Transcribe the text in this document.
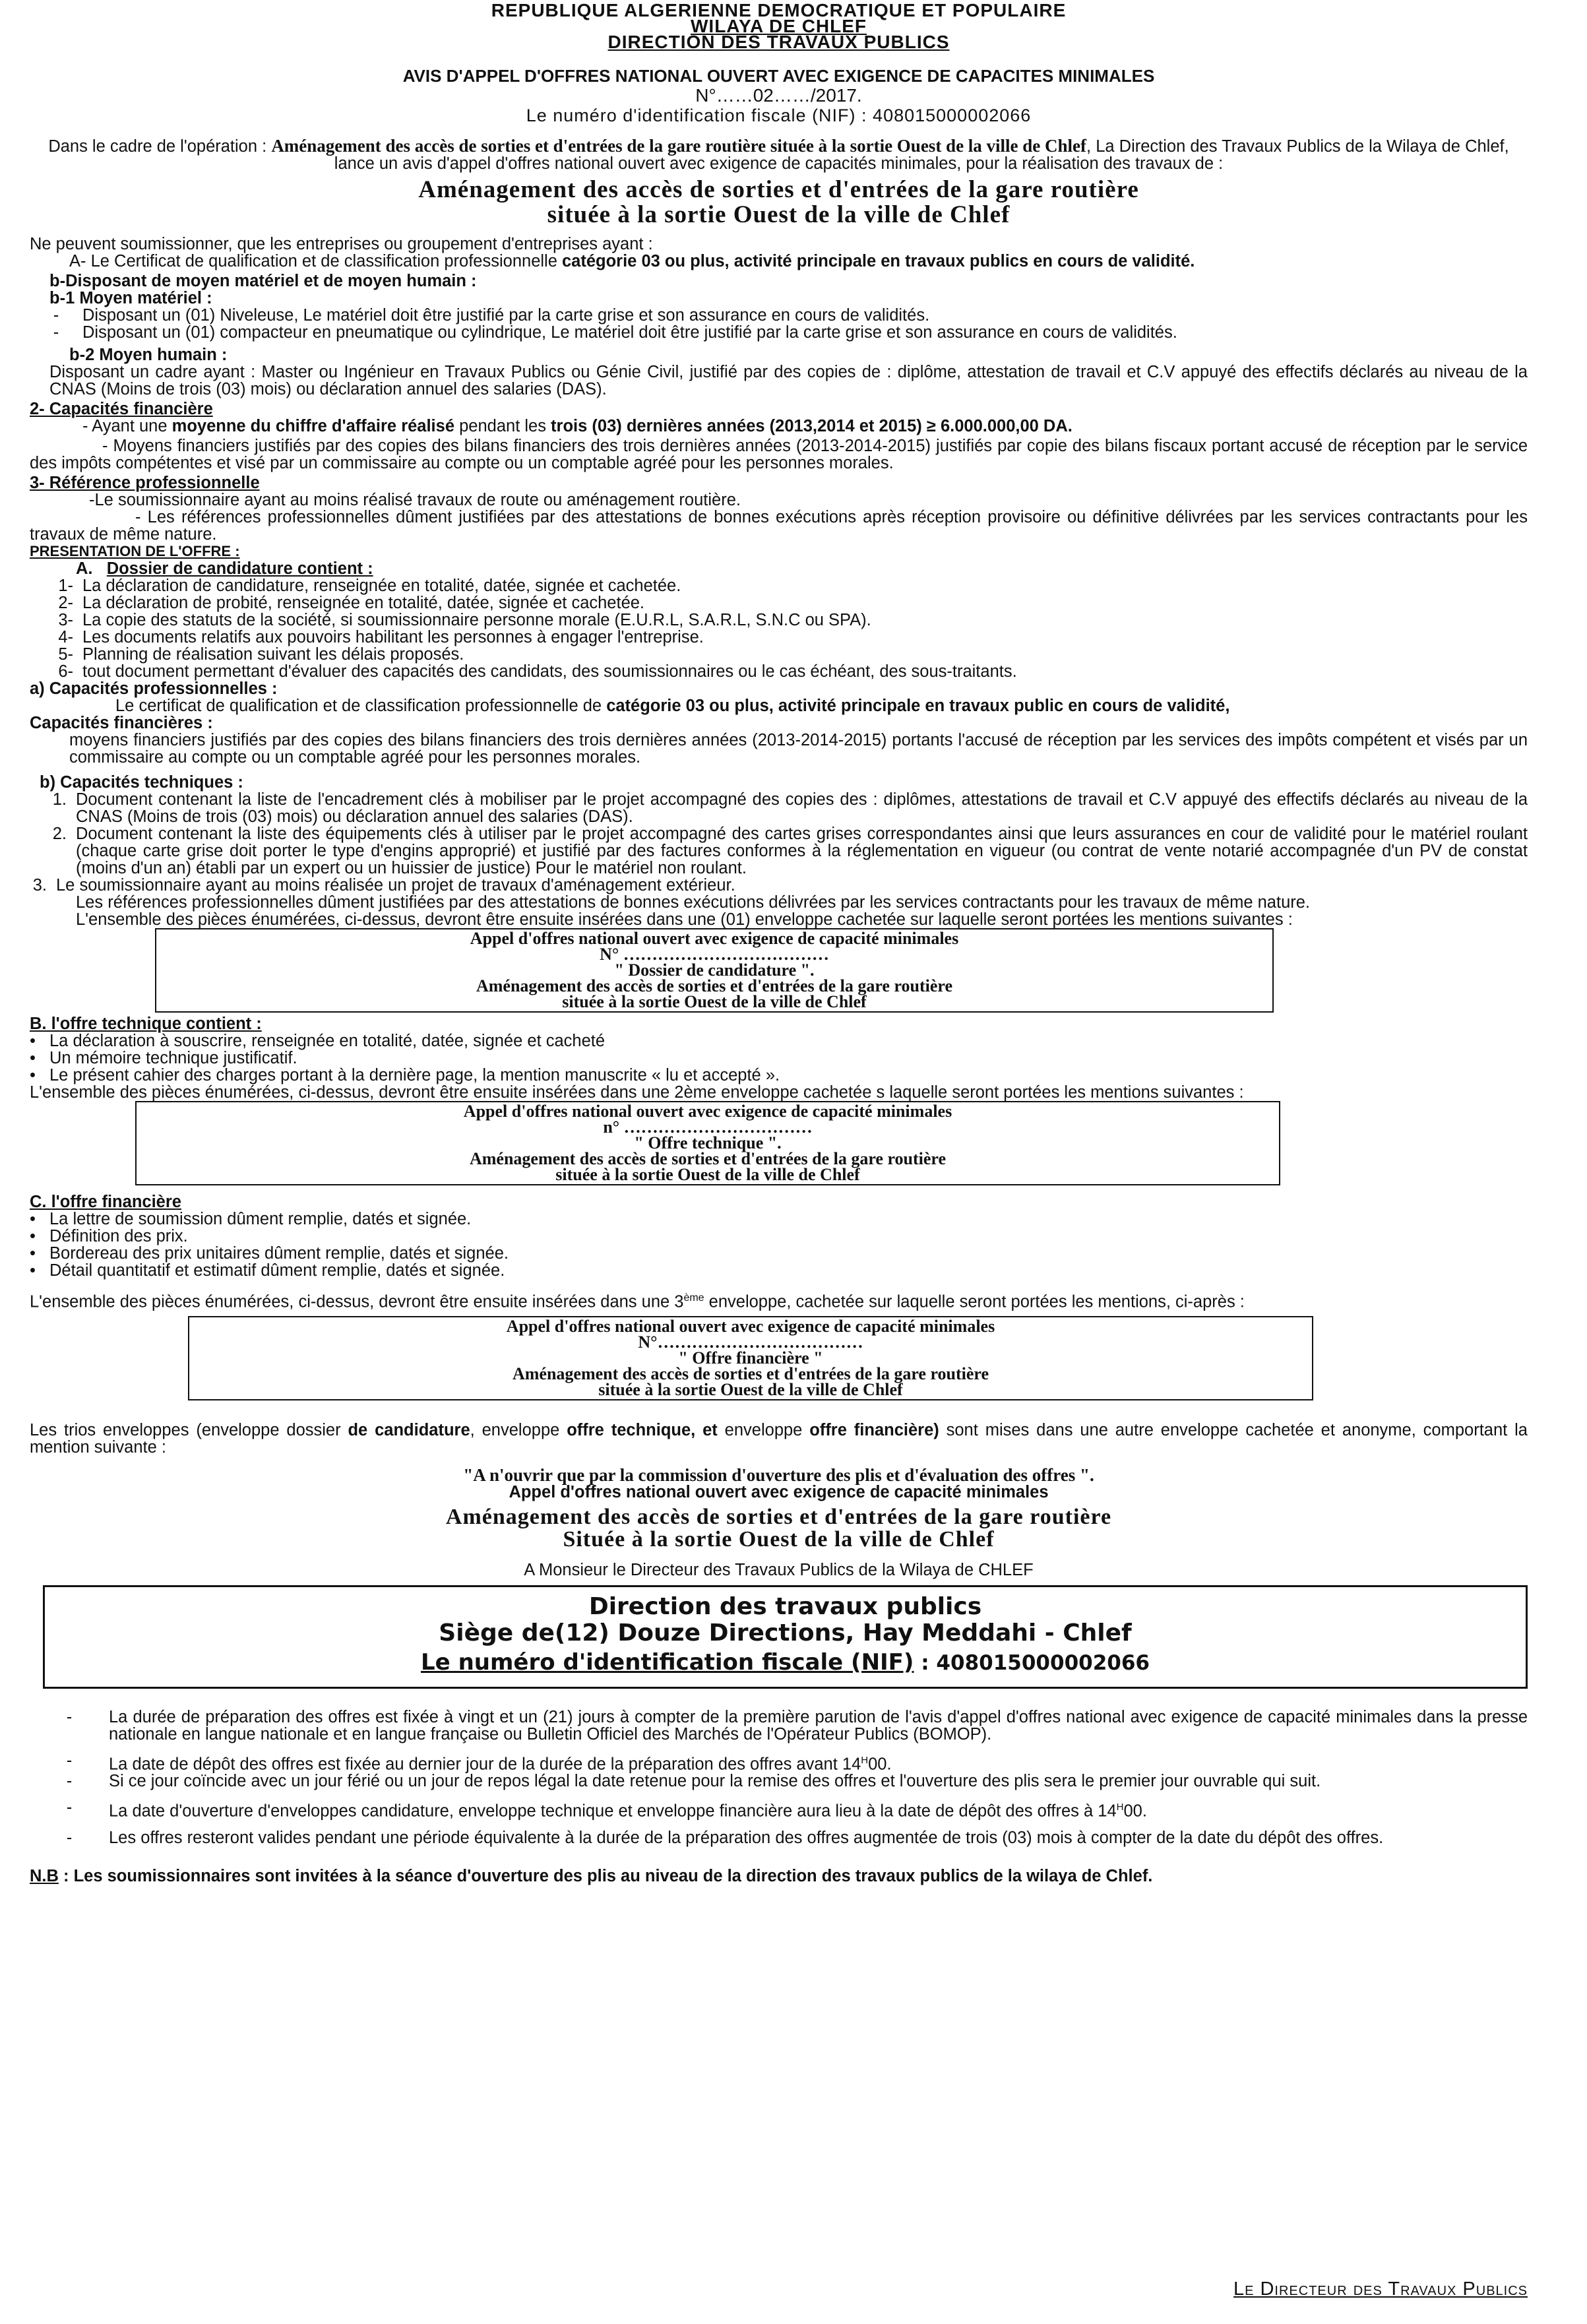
REPUBLIQUE ALGERIENNE DEMOCRATIQUE ET POPULAIRE
WILAYA DE CHLEF
DIRECTION DES TRAVAUX PUBLICS
AVIS D'APPEL D'OFFRES NATIONAL OUVERT AVEC EXIGENCE DE CAPACITES MINIMALES
N°……02……/2017.
Le numéro d'identification fiscale (NIF) : 408015000002066

Dans le cadre de l'opération : Aménagement des accès de sorties et d'entrées de la gare routière située à la sortie Ouest de la ville de Chlef, La Direction des Travaux Publics de la Wilaya de Chlef, lance un avis d'appel d'offres national ouvert avec exigence de capacités minimales, pour la réalisation des travaux de :

Aménagement des accès de sorties et d'entrées de la gare routière
située à la sortie Ouest de la ville de Chlef

Ne peuvent soumissionner, que les entreprises ou groupement d'entreprises ayant :

A- Le Certificat de qualification et de classification professionnelle catégorie 03 ou plus, activité principale en travaux publics en cours de validité.

b-Disposant de moyen matériel et de moyen humain :

b-1 Moyen matériel :

-	Disposant un (01) Niveleuse, Le matériel doit être justifié par la carte grise et son assurance en cours de validités.
-	Disposant un (01) compacteur en pneumatique ou cylindrique, Le matériel doit être justifié par la carte grise et son assurance en cours de validités.

b-2 Moyen humain :

Disposant un cadre ayant : Master ou Ingénieur en Travaux Publics ou Génie Civil, justifié par des copies de : diplôme, attestation de travail et C.V appuyé des effectifs déclarés au niveau de la CNAS (Moins de trois (03) mois) ou déclaration annuel des salaries (DAS).

2- Capacités financière

- Ayant une moyenne du chiffre d'affaire réalisé pendant les trois (03) dernières années (2013,2014 et 2015) ≥ 6.000.000,00 DA.

- Moyens financiers justifiés par des copies des bilans financiers des trois dernières années (2013-2014-2015) justifiés par copie des bilans fiscaux portant accusé de réception par le service des impôts compétentes et visé par un commissaire au compte ou un comptable agréé pour les personnes morales.

3- Référence professionnelle

-Le soumissionnaire ayant au moins réalisé travaux de route ou aménagement routière.

- Les références professionnelles dûment justifiées par des attestations de bonnes exécutions après réception provisoire ou définitive délivrées par les services contractants pour les travaux de même nature.

PRESENTATION DE L'OFFRE :

A. Dossier de candidature contient :

1- La déclaration de candidature, renseignée en totalité, datée, signée et cachetée.
2- La déclaration de probité, renseignée en totalité, datée, signée et cachetée.
3- La copie des statuts de la société, si soumissionnaire personne morale (E.U.R.L, S.A.R.L, S.N.C ou SPA).
4- Les documents relatifs aux pouvoirs habilitant les personnes à engager l'entreprise.
5- Planning de réalisation suivant les délais proposés.
6- tout document permettant d'évaluer des capacités des candidats, des soumissionnaires ou le cas échéant, des sous-traitants.

a) Capacités professionnelles :

Le certificat de qualification et de classification professionnelle de catégorie 03 ou plus, activité principale en travaux public en cours de validité,

Capacités financières :

moyens financiers justifiés par des copies des bilans financiers des trois dernières années (2013-2014-2015) portants l'accusé de réception par les services des impôts compétent et visés par un commissaire au compte ou un comptable agréé pour les personnes morales.

b) Capacités techniques :

1. Document contenant la liste de l'encadrement clés à mobiliser par le projet accompagné des copies des : diplômes, attestations de travail et C.V appuyé des effectifs déclarés au niveau de la CNAS (Moins de trois (03) mois) ou déclaration annuel des salaries (DAS).
2. Document contenant la liste des équipements clés à utiliser par le projet accompagné des cartes grises correspondantes ainsi que leurs assurances en cour de validité pour le matériel roulant (chaque carte grise doit porter le type d'engins approprié) et justifié par des factures conformes à la réglementation en vigueur (ou contrat de vente notarié accompagnée d'un PV de constat (moins d'un an) établi par un expert ou un huissier de justice) Pour le matériel non roulant.
3. Le soumissionnaire ayant au moins réalisée un projet de travaux d'aménagement extérieur.

Les références professionnelles dûment justifiées par des attestations de bonnes exécutions délivrées par les services contractants pour les travaux de même nature.

L'ensemble des pièces énumérées, ci-dessus, devront être ensuite insérées dans une (01) enveloppe cachetée sur laquelle seront portées les mentions suivantes :

Appel d'offres national ouvert avec exigence de capacité minimales
N° ………………………………
" Dossier de candidature ".
Aménagement des accès de sorties et d'entrées de la gare routière
située à la sortie Ouest de la ville de Chlef

B. l'offre technique contient :

• La déclaration à souscrire, renseignée en totalité, datée, signée et cacheté
• Un mémoire technique justificatif.
• Le présent cahier des charges portant à la dernière page, la mention manuscrite « lu et accepté ».

L'ensemble des pièces énumérées, ci-dessus, devront être ensuite insérées dans une 2ème enveloppe cachetée s laquelle seront portées les mentions suivantes :

Appel d'offres national ouvert avec exigence de capacité minimales
n° ……………………………
" Offre technique ".
Aménagement des accès de sorties et d'entrées de la gare routière
située à la sortie Ouest de la ville de Chlef

C. l'offre financière

• La lettre de soumission dûment remplie, datés et signée.
• Définition des prix.
• Bordereau des prix unitaires dûment remplie, datés et signée.
• Détail quantitatif et estimatif dûment remplie, datés et signée.

L'ensemble des pièces énumérées, ci-dessus, devront être ensuite insérées dans une 3ème enveloppe, cachetée sur laquelle seront portées les mentions, ci-après :

Appel d'offres national ouvert avec exigence de capacité minimales
N°………………………………
" Offre financière "
Aménagement des accès de sorties et d'entrées de la gare routière
située à la sortie Ouest de la ville de Chlef

Les trios enveloppes (enveloppe dossier de candidature, enveloppe offre technique, et enveloppe offre financière) sont mises dans une autre enveloppe cachetée et anonyme, comportant la mention suivante :

"A n'ouvrir que par la commission d'ouverture des plis et d'évaluation des offres ".

Appel d'offres national ouvert avec exigence de capacité minimales

Aménagement des accès de sorties et d'entrées de la gare routière
Située à la sortie Ouest de la ville de Chlef

A Monsieur le Directeur des Travaux Publics de la Wilaya de CHLEF

Direction des travaux publics
Siège de(12) Douze Directions, Hay Meddahi - Chlef
Le numéro d'identification fiscale (NIF) : 408015000002066
-	La durée de préparation des offres est fixée à vingt et un (21) jours à compter de la première parution de l'avis d'appel d'offres national avec exigence de capacité minimales dans la presse nationale en langue nationale et en langue française ou Bulletin Officiel des Marchés de l'Opérateur Publics (BOMOP).
-	La date de dépôt des offres est fixée au dernier jour de la durée de la préparation des offres avant $14^H00$.
-	Si ce jour coïncide avec un jour férié ou un jour de repos légal la date retenue pour la remise des offres et l'ouverture des plis sera le premier jour ouvrable qui suit.
-	La date d'ouverture d'enveloppes candidature, enveloppe technique et enveloppe financière aura lieu à la date de dépôt des offres à $14^H00$.
-	Les offres resteront valides pendant une période équivalente à la durée de la préparation des offres augmentée de trois (03) mois à compter de la date du dépôt des offres.

N.B : Les soumissionnaires sont invitées à la séance d'ouverture des plis au niveau de la direction des travaux publics de la wilaya de Chlef.

Le Directeur des Travaux Publics
